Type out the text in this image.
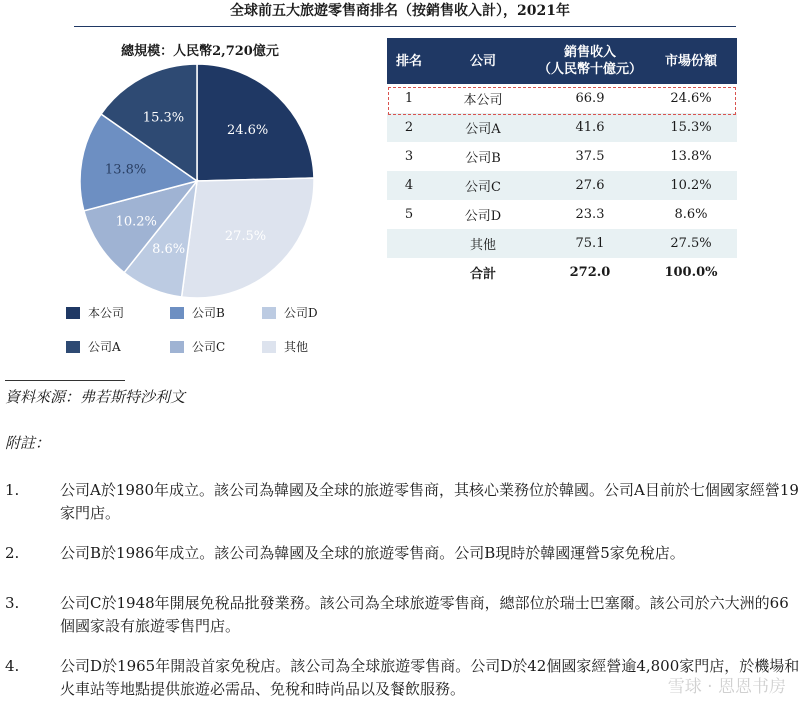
全球前五大旅遊零售商排名（按銷售收入計），2021年
總規模：人民幣2,720億元
24.6%
27.5%
8.6%
10.2%
13.8%
15.3%
本公司	公司B	公司D
公司A	公司C	其他
排名	公司	銷售收入
（人民幣十億元）	市場份額
1	本公司	66.9	24.6%
2	公司A	41.6	15.3%
3	公司B	37.5	13.8%
4	公司C	27.6	10.2%
5	公司D	23.3	8.6%
	其他	75.1	27.5%
	合計	272.0	100.0%
資料來源：弗若斯特沙利文
附註：
1.	公司A於1980年成立。該公司為韓國及全球的旅遊零售商，其核心業務位於韓國。公司A目前於七個國家經營19家門店。
2.	公司B於1986年成立。該公司為韓國及全球的旅遊零售商。公司B現時於韓國運營5家免稅店。
3.	公司C於1948年開展免稅品批發業務。該公司為全球旅遊零售商，總部位於瑞士巴塞爾。該公司於六大洲的66個國家設有旅遊零售門店。
4.	公司D於1965年開設首家免稅店。該公司為全球旅遊零售商。公司D於42個國家經營逾4,800家門店，於機場和火車站等地點提供旅遊必需品、免稅和時尚品以及餐飲服務。	雪球 · 恩恩书房
